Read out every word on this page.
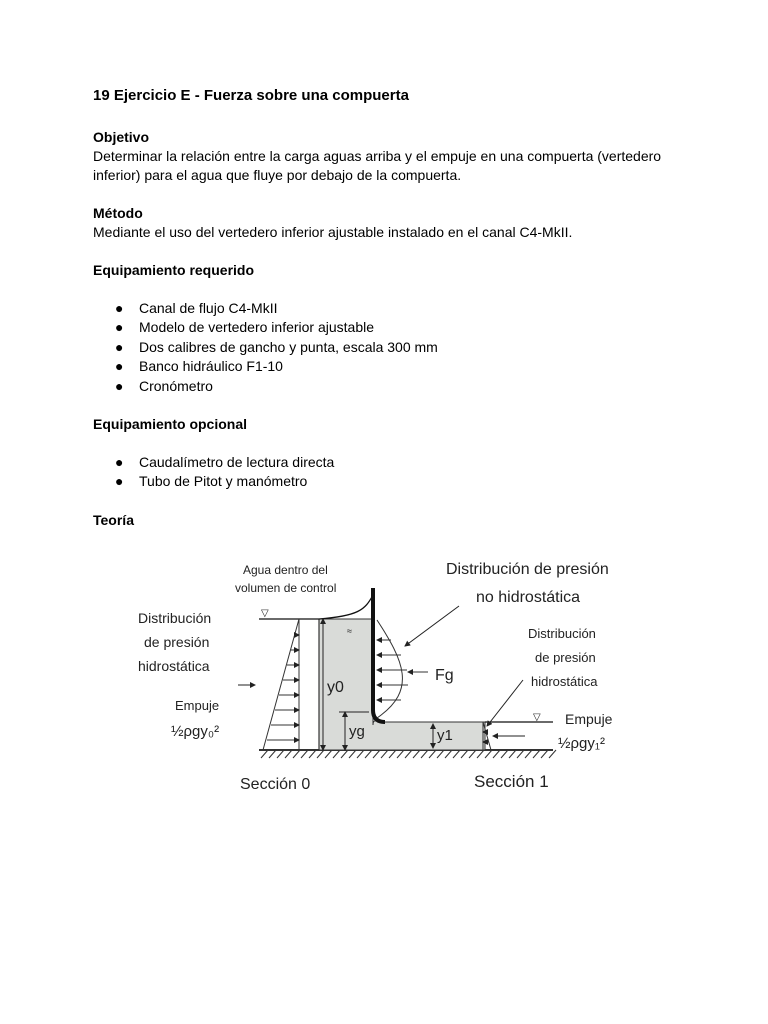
19 Ejercicio E - Fuerza sobre una compuerta
Objetivo
Determinar la relación entre la carga aguas arriba y el empuje en una compuerta (vertedero inferior) para el agua que fluye por debajo de la compuerta.
Método
Mediante el uso del vertedero inferior ajustable instalado en el canal C4-MkII.
Equipamiento requerido
● Canal de flujo C4-MkII
● Modelo de vertedero inferior ajustable
● Dos calibres de gancho y punta, escala 300 mm
● Banco hidráulico F1-10
● Cronómetro
Equipamiento opcional
● Caudalímetro de lectura directa
● Tubo de Pitot y manómetro
Teoría
▽
▽
Agua dentro del
volumen de control
≈
Distribución de presión
no hidrostática
Distribución
de presión
hidrostática
Distribución
de presión
hidrostática
Empuje
½ρgy₀²
Empuje
½ρgy₁²
Fg
y0
yg	y1
Sección 0	Sección 1
